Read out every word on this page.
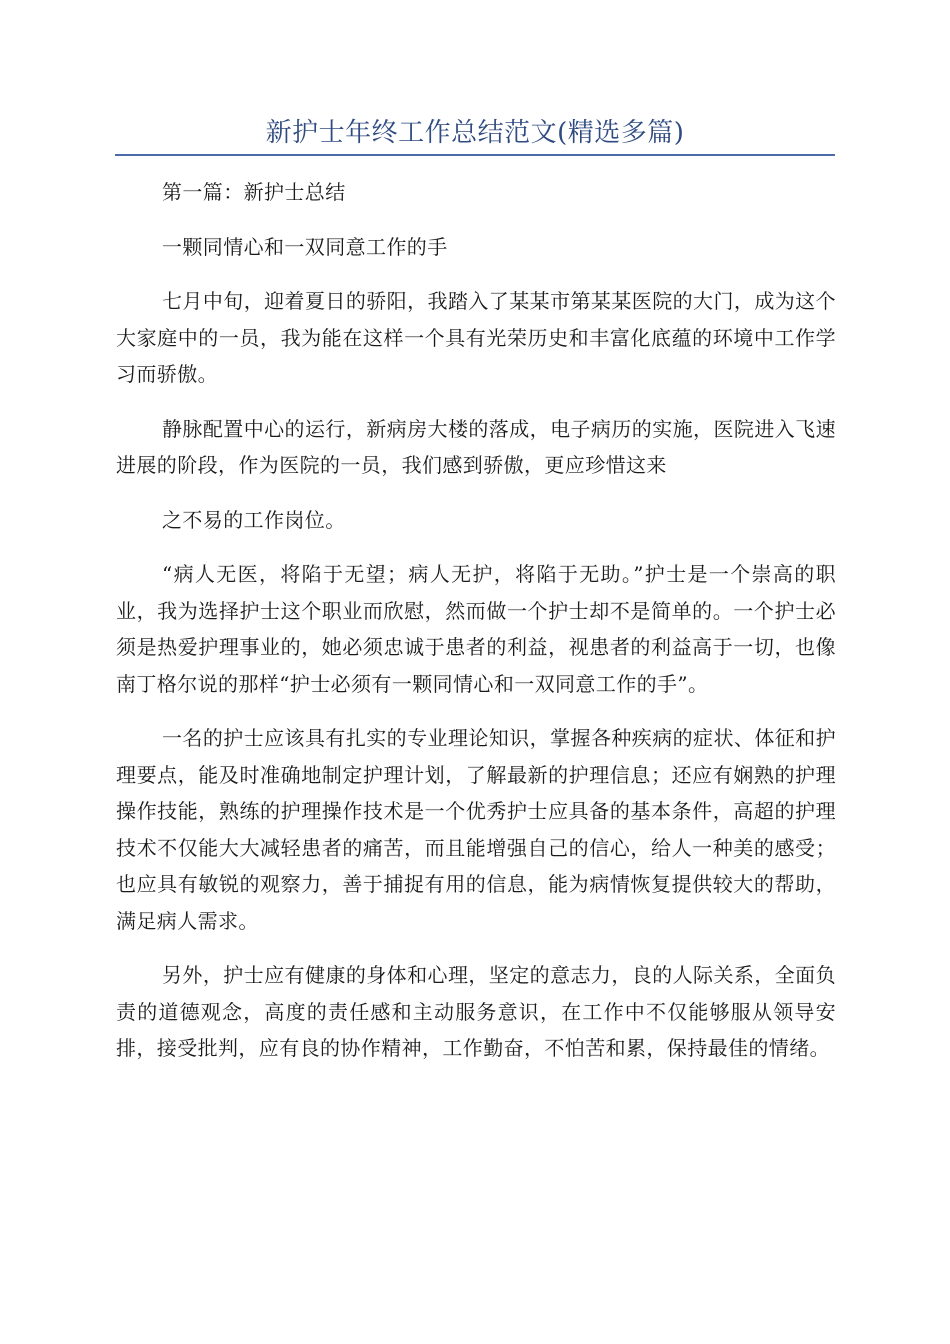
新护士年终工作总结范文(精选多篇)

第一篇：新护士总结

一颗同情心和一双同意工作的手

七月中旬，迎着夏日的骄阳，我踏入了某某市第某某医院的大门，成为这个大家庭中的一员，我为能在这样一个具有光荣历史和丰富化底蕴的环境中工作学习而骄傲。

静脉配置中心的运行，新病房大楼的落成，电子病历的实施，医院进入飞速进展的阶段，作为医院的一员，我们感到骄傲，更应珍惜这来

之不易的工作岗位。

“病人无医，将陷于无望；病人无护，将陷于无助。”护士是一个崇高的职业，我为选择护士这个职业而欣慰，然而做一个护士却不是简单的。一个护士必须是热爱护理事业的，她必须忠诚于患者的利益，视患者的利益高于一切，也像南丁格尔说的那样“护士必须有一颗同情心和一双同意工作的手”。

一名的护士应该具有扎实的专业理论知识，掌握各种疾病的症状、体征和护理要点，能及时准确地制定护理计划，了解最新的护理信息；还应有娴熟的护理操作技能，熟练的护理操作技术是一个优秀护士应具备的基本条件，高超的护理技术不仅能大大减轻患者的痛苦，而且能增强自己的信心，给人一种美的感受；也应具有敏锐的观察力，善于捕捉有用的信息，能为病情恢复提供较大的帮助，满足病人需求。

另外，护士应有健康的身体和心理，坚定的意志力，良的人际关系，全面负责的道德观念，高度的责任感和主动服务意识，在工作中不仅能够服从领导安排，接受批判，应有良的协作精神，工作勤奋，不怕苦和累，保持最佳的情绪。
